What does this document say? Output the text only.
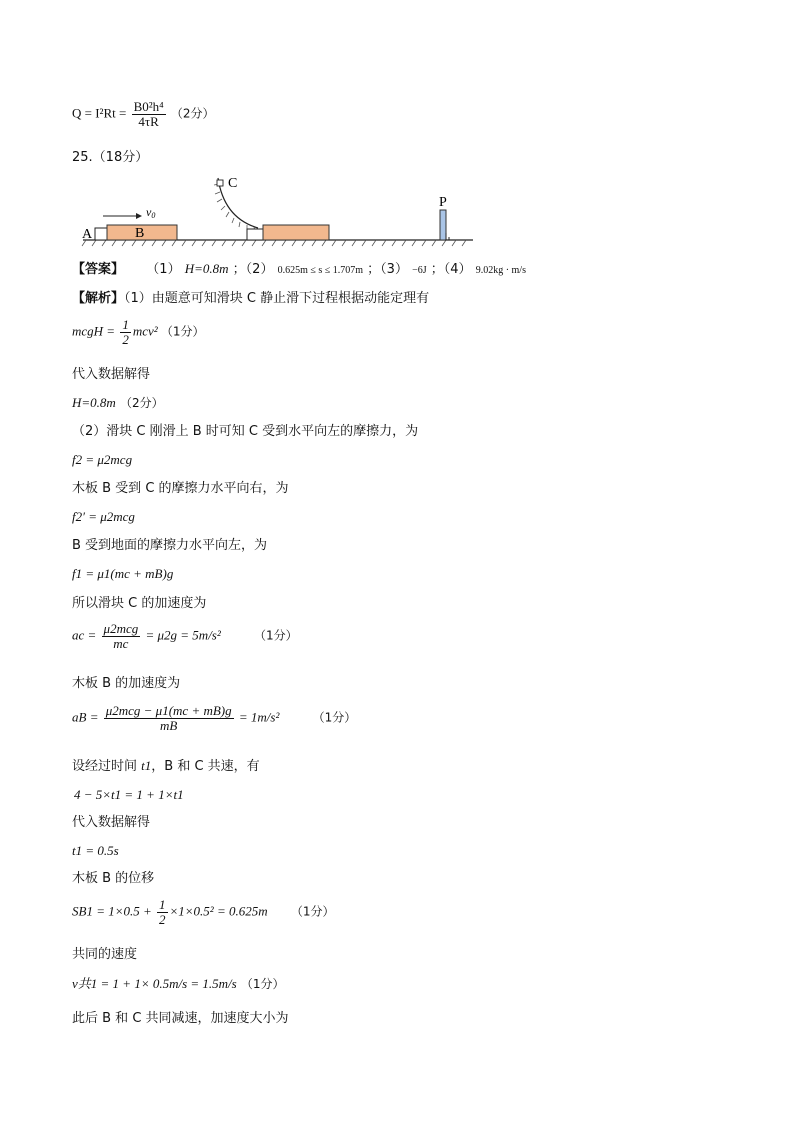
$Q = I^2Rt = \frac{\text{B0²h⁴}}{4\tau R} (2$分）
25.（18分）
A	B
v0
C
P
【答案】 （1） H=0.8m ；（2） 0.625m ≤ s ≤ 1.707m ；（3） −6J ；（4） 9.02kg · m/s
【解析】（1）由题意可知滑块 C 静止滑下过程根据动能定理有
mcgH = $\frac{1}{2} mcv^2$ （1分）
代入数据解得
H=0.8m （2分）
（2）滑块 C 刚滑上 B 时可知 C 受到水平向左的摩擦力，为
f2 = μ2mcg
木板 B 受到 C 的摩擦力水平向右，为
f2′ = μ2mcg
B 受到地面的摩擦力水平向左，为
f1 = μ1(mc + mB)g
所以滑块 C 的加速度为
ac = $\frac{\text{μ2mcg}}{mc} = \mu 2g = 5m/s^2$	（1分）
木板 B 的加速度为
aB = $\frac{\text{μ2mcg − μ1(mc + mB)g}}{mB} = 1m/s^2$	（1分）
设经过时间 t1，B 和 C 共速，有
4 − 5×t1 = 1 + 1×t1
代入数据解得
t1 = 0.5s
木板 B 的位移
$SB1 = 1\times 0.5 + \frac{1}{2} \times 1\times 0.5^2 = 0.625m$ （1分）
共同的速度
v共1 = 1 + 1× 0.5m/s = 1.5m/s （1分）
此后 B 和 C 共同减速，加速度大小为
